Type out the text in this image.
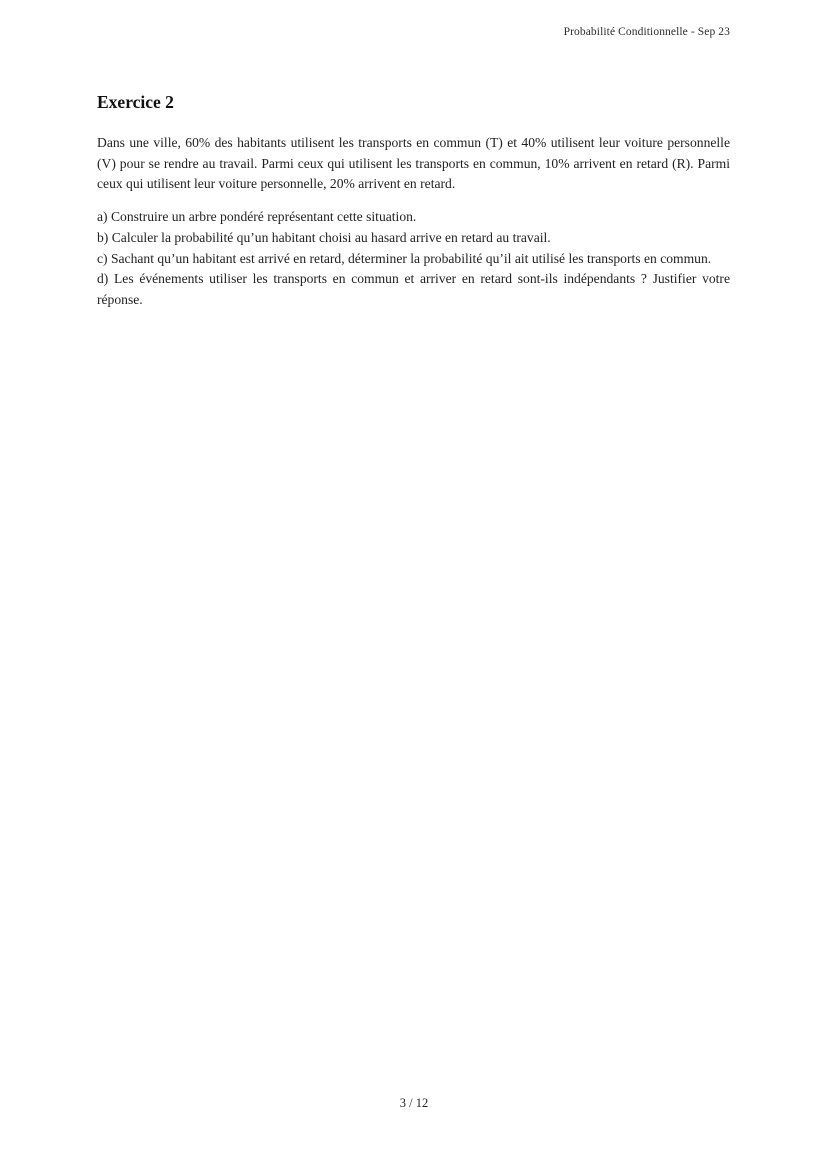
Probabilité Conditionnelle - Sep 23
Exercice 2

Dans une ville, 60% des habitants utilisent les transports en commun (T) et 40% utilisent leur voiture personnelle (V) pour se rendre au travail. Parmi ceux qui utilisent les transports en commun, 10% arrivent en retard (R). Parmi ceux qui utilisent leur voiture personnelle, 20% arrivent en retard.

a) Construire un arbre pondéré représentant cette situation.
b) Calculer la probabilité qu’un habitant choisi au hasard arrive en retard au travail.
c) Sachant qu’un habitant est arrivé en retard, déterminer la probabilité qu’il ait utilisé les transports en commun.
d) Les événements utiliser les transports en commun et arriver en retard sont-ils indépendants ? Justifier votre réponse.
3 / 12
